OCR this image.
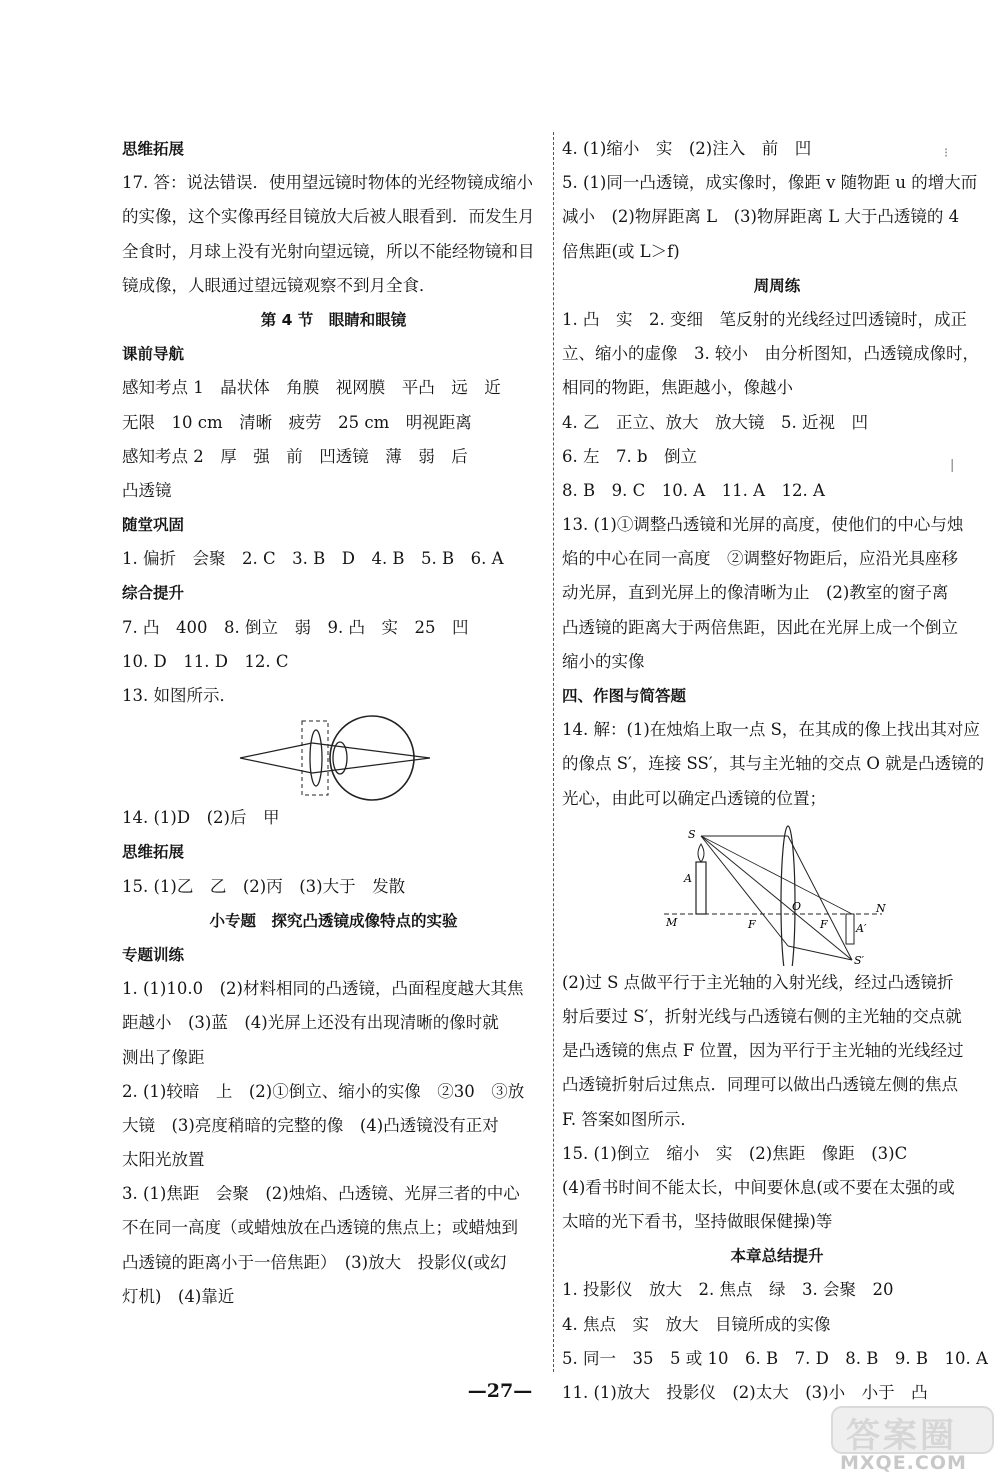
思维拓展
17. 答：说法错误．使用望远镜时物体的光经物镜成缩小
的实像，这个实像再经目镜放大后被人眼看到．而发生月
全食时，月球上没有光射向望远镜，所以不能经物镜和目
镜成像，人眼通过望远镜观察不到月全食．
第 4 节　眼睛和眼镜
课前导航
感知考点 1　晶状体　角膜　视网膜　平凸　远　近
无限　10 cm　清晰　疲劳　25 cm　明视距离
感知考点 2　厚　强　前　凹透镜　薄　弱　后
凸透镜
随堂巩固
1. 偏折　会聚　2. C　3. B　D　4. B　5. B　6. A
综合提升
7. 凸　400　8. 倒立　弱　9. 凸　实　25　凹
10. D　11. D　12. C
13. 如图所示．
14. (1)D　(2)后　甲
思维拓展
15. (1)乙　乙　(2)丙　(3)大于　发散
小专题　探究凸透镜成像特点的实验
专题训练
1. (1)10.0　(2)材料相同的凸透镜，凸面程度越大其焦
距越小　(3)蓝　(4)光屏上还没有出现清晰的像时就
测出了像距
2. (1)较暗　上　(2)①倒立、缩小的实像　②30　③放
大镜　(3)亮度稍暗的完整的像　(4)凸透镜没有正对
太阳光放置
3. (1)焦距　会聚　(2)烛焰、凸透镜、光屏三者的中心
不在同一高度（或蜡烛放在凸透镜的焦点上；或蜡烛到
凸透镜的距离小于一倍焦距）　(3)放大　投影仪(或幻
灯机)　(4)靠近
4. (1)缩小　实　(2)注入　前　凹
5. (1)同一凸透镜，成实像时，像距 v 随物距 u 的增大而
减小　(2)物屏距离 L　(3)物屏距离 L 大于凸透镜的 4
倍焦距(或 L＞f)
周周练
1. 凸　实　2. 变细　笔反射的光线经过凹透镜时，成正
立、缩小的虚像　3. 较小　由分析图知，凸透镜成像时，
相同的物距，焦距越小，像越小
4. 乙　正立、放大　放大镜　5. 近视　凹
6. 左　7. b　倒立
8. B　9. C　10. A　11. A　12. A
13. (1)①调整凸透镜和光屏的高度，使他们的中心与烛
焰的中心在同一高度　②调整好物距后，应沿光具座移
动光屏，直到光屏上的像清晰为止　(2)教室的窗子离
凸透镜的距离大于两倍焦距，因此在光屏上成一个倒立
缩小的实像
四、作图与简答题
14. 解：(1)在烛焰上取一点 S，在其成的像上找出其对应
的像点 S′，连接 SS′，其与主光轴的交点 O 就是凸透镜的
光心，由此可以确定凸透镜的位置；
S
A
M	F
O
F	A′
N
S′
(2)过 S 点做平行于主光轴的入射光线，经过凸透镜折
射后要过 S′，折射光线与凸透镜右侧的主光轴的交点就
是凸透镜的焦点 F 位置，因为平行于主光轴的光线经过
凸透镜折射后过焦点．同理可以做出凸透镜左侧的焦点
F. 答案如图所示．
15. (1)倒立　缩小　实　(2)焦距　像距　(3)C
(4)看书时间不能太长，中间要休息(或不要在太强的或
太暗的光下看书，坚持做眼保健操)等
本章总结提升
1. 投影仪　放大　2. 焦点　绿　3. 会聚　20
4. 焦点　实　放大　目镜所成的实像
5. 同一　35　5 或 10　6. B　7. D　8. B　9. B　10. A
11. (1)放大　投影仪　(2)太大　(3)小　小于　凸
⁝
|
—27—
答案圈
MXQE.COM
